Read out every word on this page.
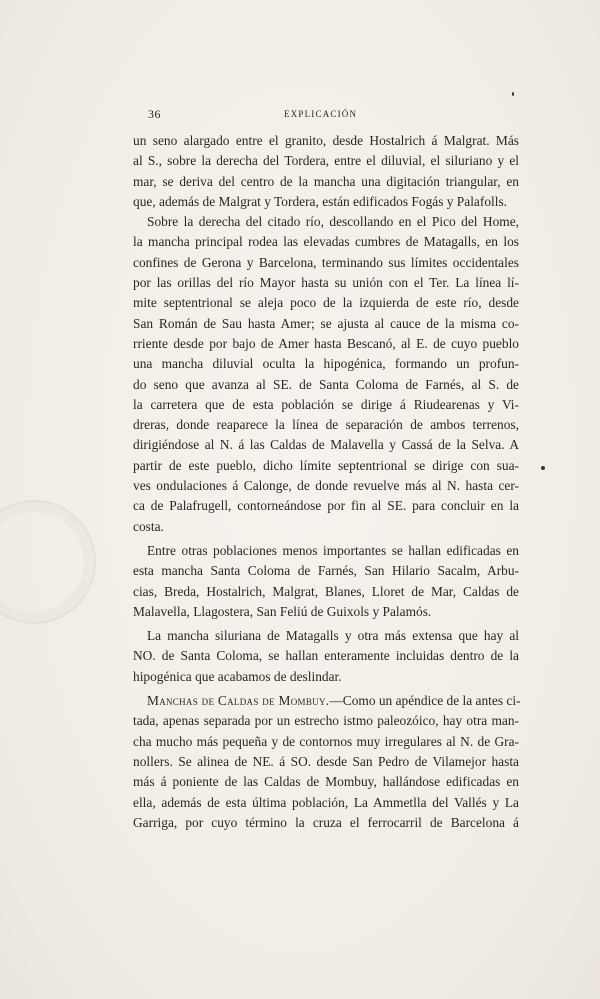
36	EXPLICACIÓN

un seno alargado entre el granito, desde Hostalrich á Malgrat. Más
al S., sobre la derecha del Tordera, entre el diluvial, el siluriano y el
mar, se deriva del centro de la mancha una digitación triangular, en
que, además de Malgrat y Tordera, están edificados Fogás y Palafolls.

Sobre la derecha del citado río, descollando en el Pico del Home,
la mancha principal rodea las elevadas cumbres de Matagalls, en los
confines de Gerona y Barcelona, terminando sus límites occidentales
por las orillas del río Mayor hasta su unión con el Ter. La línea lí-
mite septentrional se aleja poco de la izquierda de este río, desde
San Román de Sau hasta Amer; se ajusta al cauce de la misma co-
rriente desde por bajo de Amer hasta Bescanó, al E. de cuyo pueblo
una mancha diluvial oculta la hipogénica, formando un profun-
do seno que avanza al SE. de Santa Coloma de Farnés, al S. de
la carretera que de esta población se dirige á Riudearenas y Vi-
dreras, donde reaparece la línea de separación de ambos terrenos,
dirigiéndose al N. á las Caldas de Malavella y Cassá de la Selva. A
partir de este pueblo, dicho límite septentrional se dirige con sua-
ves ondulaciones á Calonge, de donde revuelve más al N. hasta cer-
ca de Palafrugell, contorneándose por fin al SE. para concluir en la
costa.

Entre otras poblaciones menos importantes se hallan edificadas en
esta mancha Santa Coloma de Farnés, San Hilario Sacalm, Arbu-
cias, Breda, Hostalrich, Malgrat, Blanes, Lloret de Mar, Caldas de
Malavella, Llagostera, San Feliú de Guixols y Palamós.

La mancha siluriana de Matagalls y otra más extensa que hay al
NO. de Santa Coloma, se hallan enteramente incluidas dentro de la
hipogénica que acabamos de deslindar.

Manchas de Caldas de Mombuy.—Como un apéndice de la antes ci-
tada, apenas separada por un estrecho istmo paleozóico, hay otra man-
cha mucho más pequeña y de contornos muy irregulares al N. de Gra-
nollers. Se alinea de NE. á SO. desde San Pedro de Vilamejor hasta
más á poniente de las Caldas de Mombuy, hallándose edificadas en
ella, además de esta última población, La Ammetlla del Vallés y La
Garriga, por cuyo término la cruza el ferrocarril de Barcelona á
